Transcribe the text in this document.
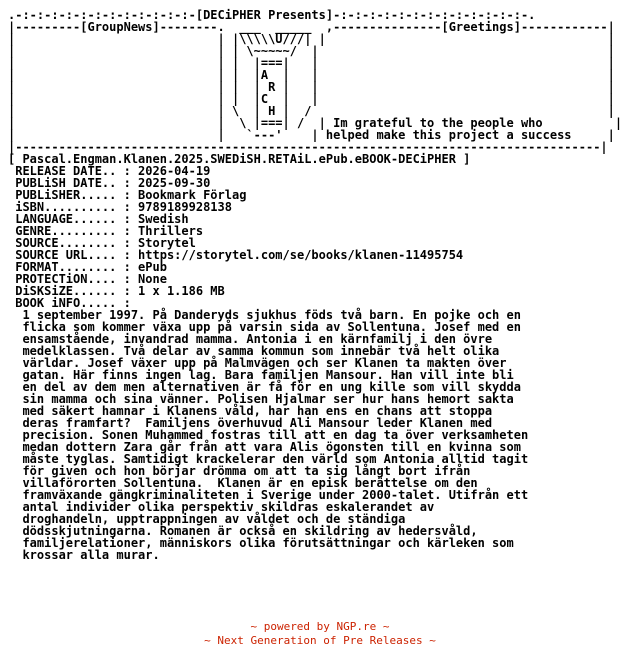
.-:-:-:-:-:-:-:-:-:-:-:-:-[DECiPHER Presents]-:-:-:-:-:-:-:-:-:-:-:-:-:-.
|---------[GroupNews]--------.  ___  _____  ,---------------[Greetings]------------|
|                            | |\\\\\U///| |                                       |
|                            | | \~~~~~/  |                                        |
|                            | |  |===|   |                                        |
|                            | |  |A  |   |                                        |
|                            | |  | R |   |                                        |
|                            | |  |C  |   |                                        |
|                            | \  | H |  /                                         |
|                            |  \ |===| /  | Im grateful to the people who          |
|                            |   `---'    | helped make this project a success     |
|---------------------------------------------------------------------------------|
[ Pascal.Engman.Klanen.2025.SWEDiSH.RETAiL.ePub.eBOOK-DECiPHER ]
RELEASE DATE.. : 2026-04-19
PUBLiSH DATE.. : 2025-09-30
PUBLiSHER..... : Bookmark Förlag
iSBN.......... : 9789189928138
LANGUAGE...... : Swedish
GENRE......... : Thrillers
SOURCE........ : Storytel
SOURCE URL.... : https://storytel.com/se/books/klanen-11495754
FORMAT........ : ePub
PROTECTiON.... : None
DiSKSiZE...... : 1 x 1.186 MB
BOOK iNFO..... :
1 september 1997. På Danderyds sjukhus föds två barn. En pojke och en
flicka som kommer växa upp på varsin sida av Sollentuna. Josef med en
ensamstående, invandrad mamma. Antonia i en kärnfamilj i den övre
medelklassen. Två delar av samma kommun som innebär två helt olika
världar. Josef växer upp på Malmvägen och ser Klanen ta makten över
gatan. Här finns ingen lag. Bara familjen Mansour. Han vill inte bli
en del av dem men alternativen är få för en ung kille som vill skydda
sin mamma och sina vänner. Polisen Hjalmar ser hur hans hemort sakta
med säkert hamnar i Klanens våld, har han ens en chans att stoppa
deras framfart?  Familjens överhuvud Ali Mansour leder Klanen med
precision. Sonen Muhammed fostras till att en dag ta över verksamheten
medan dottern Zara går från att vara Alis ögonsten till en kvinna som
måste tyglas. Samtidigt krackelerar den värld som Antonia alltid tagit
för given och hon börjar drömma om att ta sig långt bort ifrån
villaförorten Sollentuna.  Klanen är en episk berättelse om den
framväxande gängkriminaliteten i Sverige under 2000-talet. Utifrån ett
antal individer olika perspektiv skildras eskalerandet av
droghandeln, upptrappningen av våldet och de ständiga
dödsskjutningarna. Romanen är också en skildring av hedersvåld,
familjerelationer, människors olika förutsättningar och kärleken som
krossar alla murar.
~ powered by NGP.re ~
~ Next Generation of Pre Releases ~
